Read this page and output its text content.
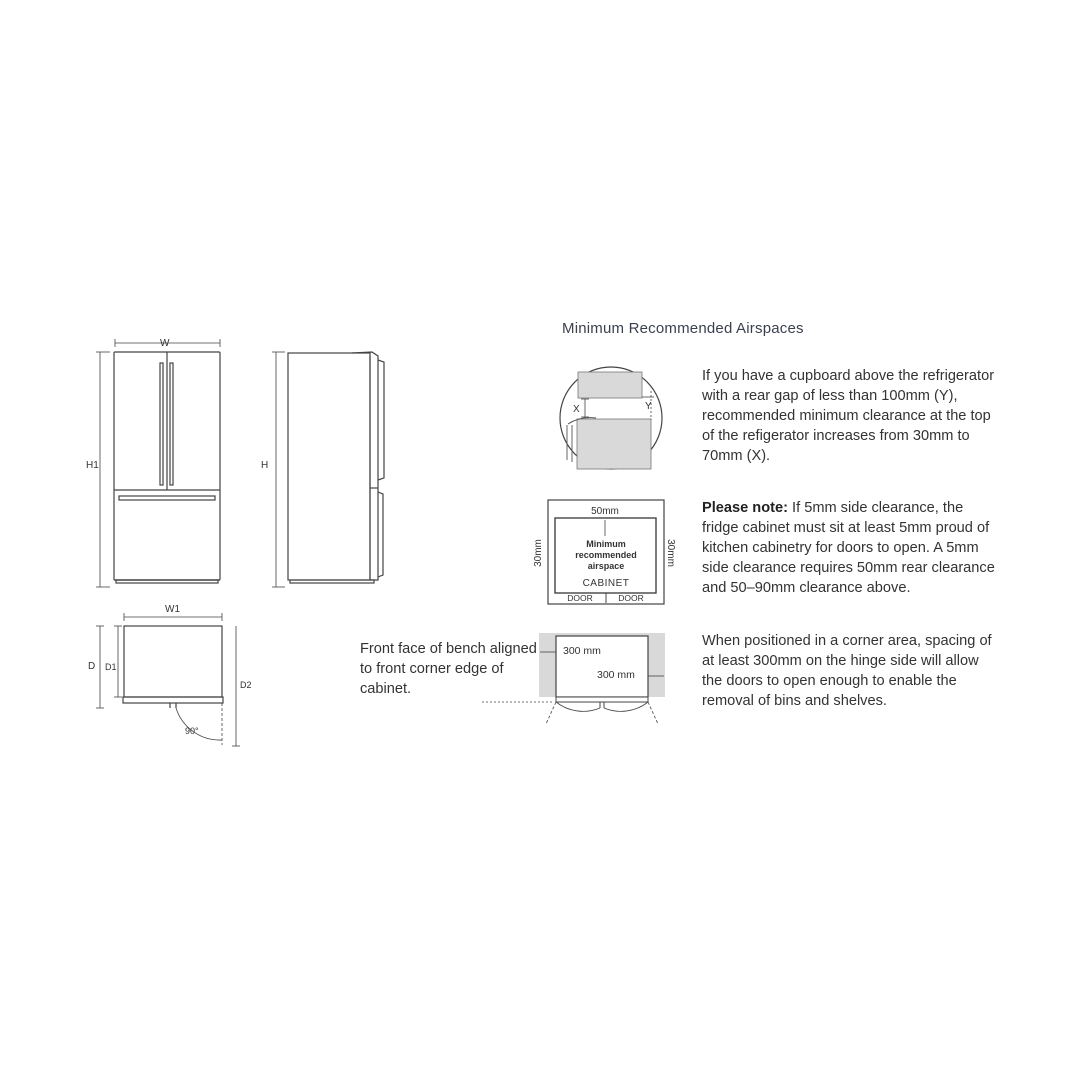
W
H1	H
W1
D D1
D2
90°
X	Y
50mm
30mm	30mm
Minimum
recommended
airspace
CABINET
DOOR	DOOR
300 mm
300 mm
Minimum Recommended Airspaces
If you have a cupboard above the refrigerator with a rear gap of less than 100mm (Y), recommended minimum clearance at the top of the refigerator increases from 30mm to 70mm (X).
Please note: If 5mm side clearance, the fridge cabinet must sit at least 5mm proud of kitchen cabinetry for doors to open. A 5mm side clearance requires 50mm rear clearance and 50–90mm clearance above.
When positioned in a corner area, spacing of at least 300mm on the hinge side will allow the doors to open enough to enable the removal of bins and shelves.
Front face of bench aligned to front corner edge of cabinet.
